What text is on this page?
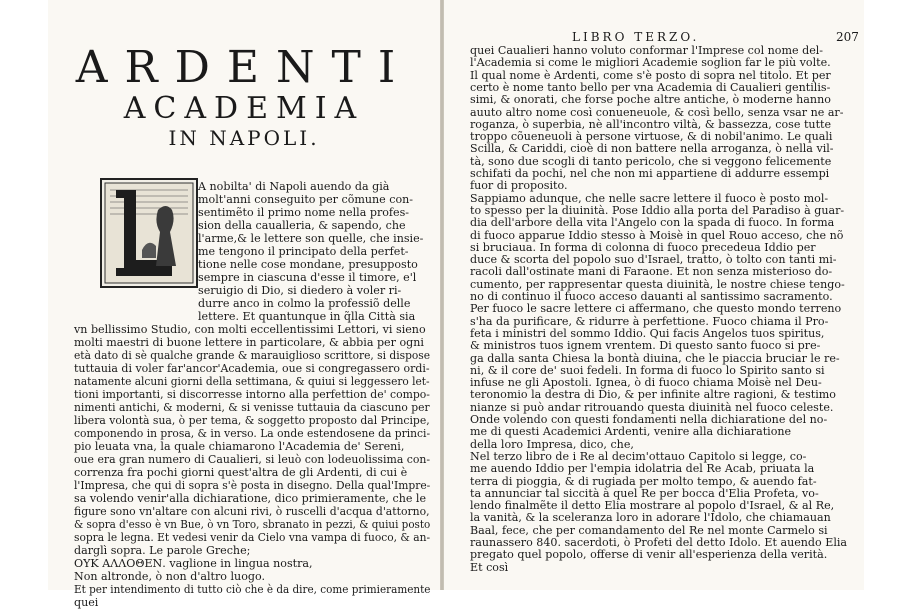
ARDENTI
ACADEMIA
IN NAPOLI.
A nobilta' di Napoli auendo da già
molt'anni conseguito per cõmune con-
sentimẽto il primo nome nella profes-
sion della caualleria, & sapendo, che
l'arme,& le lettere son quelle, che insie-
me tengono il principato della perfet-
tione nelle cose mondane, presupposto
sempre in ciascuna d'esse il timore, e'l
seruigio di Dio, si diedero à voler ri-
durre anco in colmo la professiõ delle
lettere. Et quantunque in q̃lla Città sia
vn bellissimo Studio, con molti eccellentissimi Lettori, vi sieno
molti maestri di buone lettere in particolare, & abbia per ogni
età dato di sè qualche grande & marauiglioso scrittore, si dispose
tuttauia di voler far'ancor'Academia, oue si congregassero ordi-
natamente alcuni giorni della settimana, & quiui si leggessero let-
tioni importanti, si discorresse intorno alla perfettion de' compo-
nimenti antichi, & moderni, & si venisse tuttauia da ciascuno per
libera volontà sua, ò per tema, & soggetto proposto dal Principe,
componendo in prosa, & in verso. La onde estendosene da princi-
pio leuata vna, la quale chiamarono l'Academia de' Sereni,
oue era gran numero di Caualieri, si leuò con lodeuolissima con-
correnza fra pochi giorni quest'altra de gli Ardenti, di cui è
l'Impresa, che qui di sopra s'è posta in disegno. Della qual'Impre-
sa volendo venir'alla dichiaratione, dico primieramente, che le
figure sono vn'altare con alcuni rivi, ò ruscelli d'acqua d'attorno,
& sopra d'esso è vn Bue, ò vn Toro, sbranato in pezzi, & quiui posto
sopra le legna. Et vedesi venir da Cielo vna vampa di fuoco, & an-
darglì sopra. Le parole Greche;
ΟΥΚ ΑΛΛΟΘΕΝ. vaglione in lingua nostra,
Non altronde, ò non d'altro luogo.
Et per intendimento di tutto ciò che è da dire, come primieramente
quei
LIBRO TERZO.	207
quei Caualieri hanno voluto conformar l'Imprese col nome del-
l'Academia si come le migliori Academie soglion far le più volte.
Il qual nome è Ardenti, come s'è posto di sopra nel titolo. Et per
certo è nome tanto bello per vna Academia di Caualieri gentilis-
simi, & onorati, che forse poche altre antiche, ò moderne hanno
auuto altro nome così conueneuole, & così bello, senza vsar ne ar-
roganza, ò superbia, nè all'incontro viltà, & bassezza, cose tutte
troppo cõueneuoli à persone virtuose, & di nobil'animo. Le quali
Scilla, & Cariddi, cioè di non battere nella arroganza, ò nella vil-
tà, sono due scogli di tanto pericolo, che si veggono felicemente
schifati da pochi, nel che non mi appartiene di addurre essempi
fuor di proposito.
Sappiamo adunque, che nelle sacre lettere il fuoco è posto mol-
to spesso per la diuinità. Pose Iddio alla porta del Paradiso à guar-
dia dell'arbore della vita l'Angelo con la spada di fuoco. In forma
di fuoco apparue Iddio stesso à Moisè in quel Rouo acceso, che nõ
si bruciaua. In forma di colonna di fuoco precedeua Iddio per
duce & scorta del popolo suo d'Israel, tratto, ò tolto con tanti mi-
racoli dall'ostinate mani di Faraone. Et non senza misterioso do-
cumento, per rappresentar questa diuinità, le nostre chiese tengo-
no di continuo il fuoco acceso dauanti al santissimo sacramento.
Per fuoco le sacre lettere ci affermano, che questo mondo terreno
s'ha da purificare, & ridurre à perfettione. Fuoco chiama il Pro-
feta i ministri del sommo Iddio. Qui facis Angelos tuos spiritus,
& ministros tuos ignem vrentem. Di questo santo fuoco si pre-
ga dalla santa Chiesa la bontà diuina, che le piaccia bruciar le re-
ni, & il core de' suoi fedeli. In forma di fuoco lo Spirito santo si
infuse ne gli Apostoli. Ignea, ò di fuoco chiama Moisè nel Deu-
teronomio la destra di Dio, & per infinite altre ragioni, & testimo
nianze si può andar ritrouando questa diuinità nel fuoco celeste.
Onde volendo con questi fondamenti nella dichiaratione del no-
me di questi Academici Ardenti, venire alla dichiaratione
della loro Impresa, dico, che,
Nel terzo libro de i Re al decim'ottauo Capitolo si legge, co-
me auendo Iddio per l'empia idolatria del Re Acab, priuata la
terra di pioggia, & di rugiada per molto tempo, & auendo fat-
ta annunciar tal siccità à quel Re per bocca d'Elia Profeta, vo-
lendo finalmẽte il detto Elia mostrare al popolo d'Israel, & al Re,
la vanità, & la sceleranza loro in adorare l'Idolo, che chiamauan
Baal, fece, che per comandamento del Re nel monte Carmelo si
raunassero 840. sacerdoti, ò Profeti del detto Idolo. Et auendo Elia
pregato quel popolo, offerse di venir all'esperienza della verità.
Et così
